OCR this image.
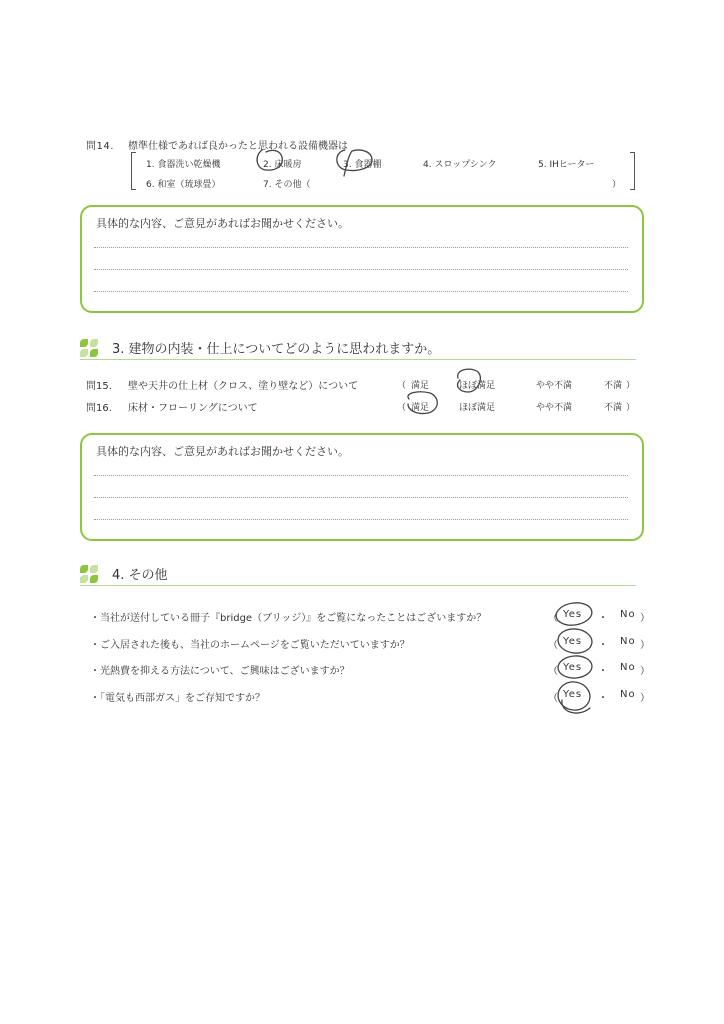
問14. 標準仕様であれば良かったと思われる設備機器は
1. 食器洗い乾燥機	2. 床暖房	3. 食器棚	4. スロップシンク	5. IHヒーター
6. 和室（琉球畳）	7. その他（	）
具体的な内容、ご意見があればお聞かせください。
3. 建物の内装・仕上についてどのように思われますか。
問15. 壁や天井の仕上材（クロス、塗り壁など）について	（ 満足	ほぼ満足	やや不満	不満 ）
問16. 床材・フローリングについて	（ 満足	ほぼ満足	やや不満	不満 ）
具体的な内容、ご意見があればお聞かせください。
4. その他
・当社が送付している冊子『bridge（ブリッジ）』をご覧になったことはございますか？	（ Yes ・ No ）
・ご入居された後も、当社のホームページをご覧いただいていますか？	（ Yes ・ No ）
・光熱費を抑える方法について、ご興味はございますか？	（ Yes ・ No ）
・「電気も西部ガス」をご存知ですか？	（ Yes ・ No ）
